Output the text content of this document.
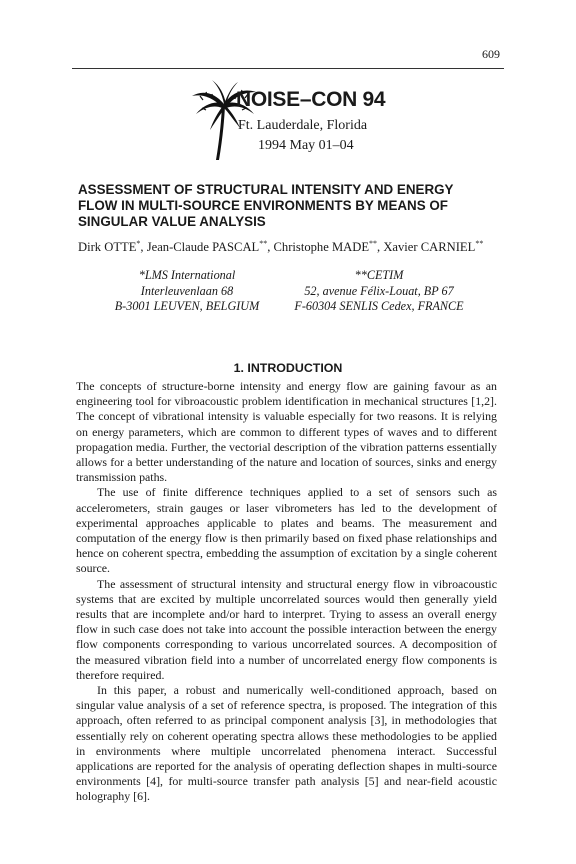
609
NOISE–CON 94
Ft. Lauderdale, Florida
1994 May 01–04
ASSESSMENT OF STRUCTURAL INTENSITY AND ENERGY
FLOW IN MULTI-SOURCE ENVIRONMENTS BY MEANS OF
SINGULAR VALUE ANALYSIS
Dirk OTTE*, Jean-Claude PASCAL**, Christophe MADE**, Xavier CARNIEL**
*LMS International
Interleuvenlaan 68
B-3001 LEUVEN, BELGIUM
**CETIM
52, avenue Félix-Louat, BP 67
F-60304 SENLIS Cedex, FRANCE
1. INTRODUCTION

The concepts of structure-borne intensity and energy flow are gaining favour as an engineering tool for vibroacoustic problem identification in mechanical structures [1,2]. The concept of vibrational intensity is valuable especially for two reasons. It is relying on energy parameters, which are common to different types of waves and to different propagation media. Further, the vectorial description of the vibration patterns essentially allows for a better understanding of the nature and location of sources, sinks and energy transmission paths.

The use of finite difference techniques applied to a set of sensors such as accelerometers, strain gauges or laser vibrometers has led to the development of experimental approaches applicable to plates and beams. The measurement and computation of the energy flow is then primarily based on fixed phase relationships and hence on coherent spectra, embedding the assumption of excitation by a single coherent source.

The assessment of structural intensity and structural energy flow in vibroacoustic systems that are excited by multiple uncorrelated sources would then generally yield results that are incomplete and/or hard to interpret. Trying to assess an overall energy flow in such case does not take into account the possible interaction between the energy flow components corresponding to various uncorrelated sources. A decomposition of the measured vibration field into a number of uncorrelated energy flow components is therefore required.

In this paper, a robust and numerically well-conditioned approach, based on singular value analysis of a set of reference spectra, is proposed. The integration of this approach, often referred to as principal component analysis [3], in methodologies that essentially rely on coherent operating spectra allows these methodologies to be applied in environments where multiple uncorrelated phenomena interact. Successful applications are reported for the analysis of operating deflection shapes in multi-source environments [4], for multi-source transfer path analysis [5] and near-field acoustic holography [6].
